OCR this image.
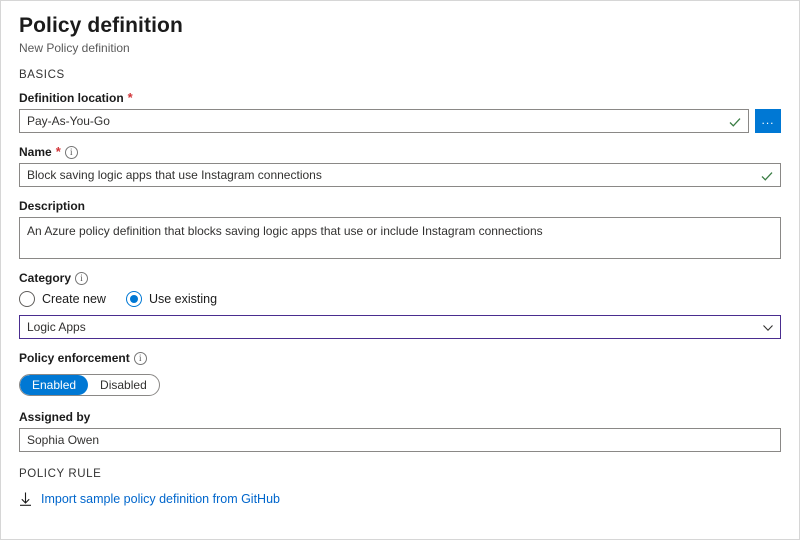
Policy definition
New Policy definition
BASICS
Definition location *
Pay-As-You-Go	...
Name *	i
Block saving logic apps that use Instagram connections
Description
An Azure policy definition that blocks saving logic apps that use or include Instagram connections
Category	i
Create new	Use existing
Logic Apps
Policy enforcement	i
Enabled	Disabled
Assigned by
Sophia Owen
POLICY RULE
Import sample policy definition from GitHub
